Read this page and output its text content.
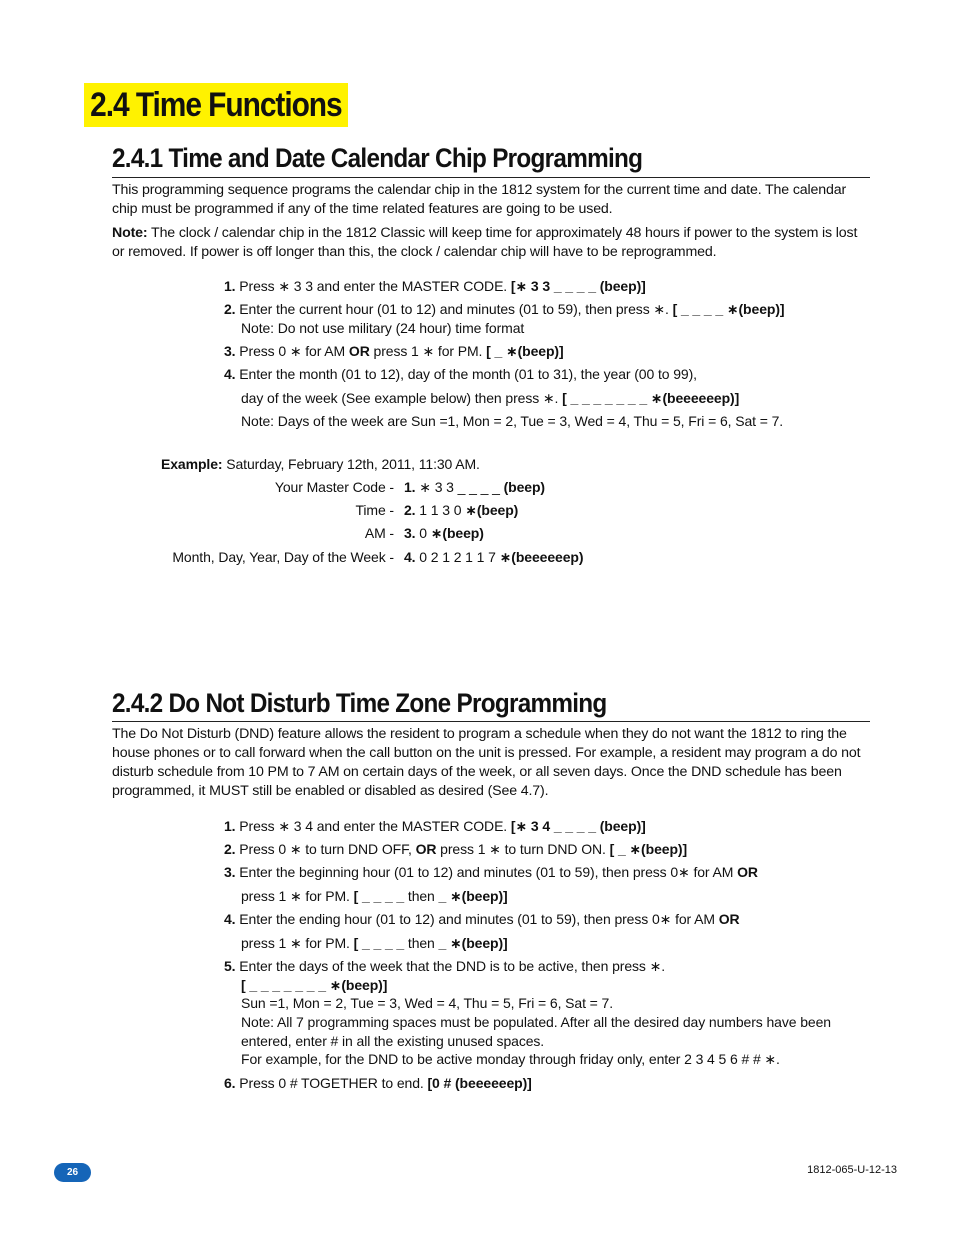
2.4 Time Functions
2.4.1 Time and Date Calendar Chip Programming
This programming sequence programs the calendar chip in the 1812 system for the current time and date. The calendar chip must be programmed if any of the time related features are going to be used.
Note: The clock / calendar chip in the 1812 Classic will keep time for approximately 48 hours if power to the system is lost or removed. If power is off longer than this, the clock / calendar chip will have to be reprogrammed.
1. Press ∗ 3 3 and enter the MASTER CODE. [∗ 3 3 _ _ _ _ (beep)]
2. Enter the current hour (01 to 12) and minutes (01 to 59), then press ∗. [ _ _ _ _ ∗(beep)]
Note: Do not use military (24 hour) time format
3. Press 0 ∗ for AM OR press 1 ∗ for PM. [ _ ∗(beep)]
4. Enter the month (01 to 12), day of the month (01 to 31), the year (00 to 99),
day of the week (See example below) then press ∗. [ _ _ _ _ _ _ _ ∗(beeeeeep)]
Note: Days of the week are Sun =1, Mon = 2, Tue = 3, Wed = 4, Thu = 5, Fri = 6, Sat = 7.
Example: Saturday, February 12th, 2011, 11:30 AM.
Your Master Code - 1. ∗ 3 3 _ _ _ _ (beep)
Time - 2. 1 1 3 0 ∗(beep)
AM - 3. 0 ∗(beep)
Month, Day, Year, Day of the Week - 4. 0 2 1 2 1 1 7 ∗(beeeeeep)
2.4.2 Do Not Disturb Time Zone Programming
The Do Not Disturb (DND) feature allows the resident to program a schedule when they do not want the 1812 to ring the house phones or to call forward when the call button on the unit is pressed. For example, a resident may program a do not disturb schedule from 10 PM to 7 AM on certain days of the week, or all seven days. Once the DND schedule has been programmed, it MUST still be enabled or disabled as desired (See 4.7).
1. Press ∗ 3 4 and enter the MASTER CODE. [∗ 3 4 _ _ _ _ (beep)]
2. Press 0 ∗ to turn DND OFF, OR press 1 ∗ to turn DND ON. [ _ ∗(beep)]
3. Enter the beginning hour (01 to 12) and minutes (01 to 59), then press 0∗ for AM OR
press 1 ∗ for PM. [ _ _ _ _ then _ ∗(beep)]
4. Enter the ending hour (01 to 12) and minutes (01 to 59), then press 0∗ for AM OR
press 1 ∗ for PM. [ _ _ _ _ then _ ∗(beep)]
5. Enter the days of the week that the DND is to be active, then press ∗.
[ _ _ _ _ _ _ _ ∗(beep)]
Sun =1, Mon = 2, Tue = 3, Wed = 4, Thu = 5, Fri = 6, Sat = 7.
Note: All 7 programming spaces must be populated. After all the desired day numbers have been
entered, enter # in all the existing unused spaces.
For example, for the DND to be active monday through friday only, enter 2 3 4 5 6 # # ∗.
6. Press 0 # TOGETHER to end. [0 # (beeeeeep)]
26	1812-065-U-12-13
